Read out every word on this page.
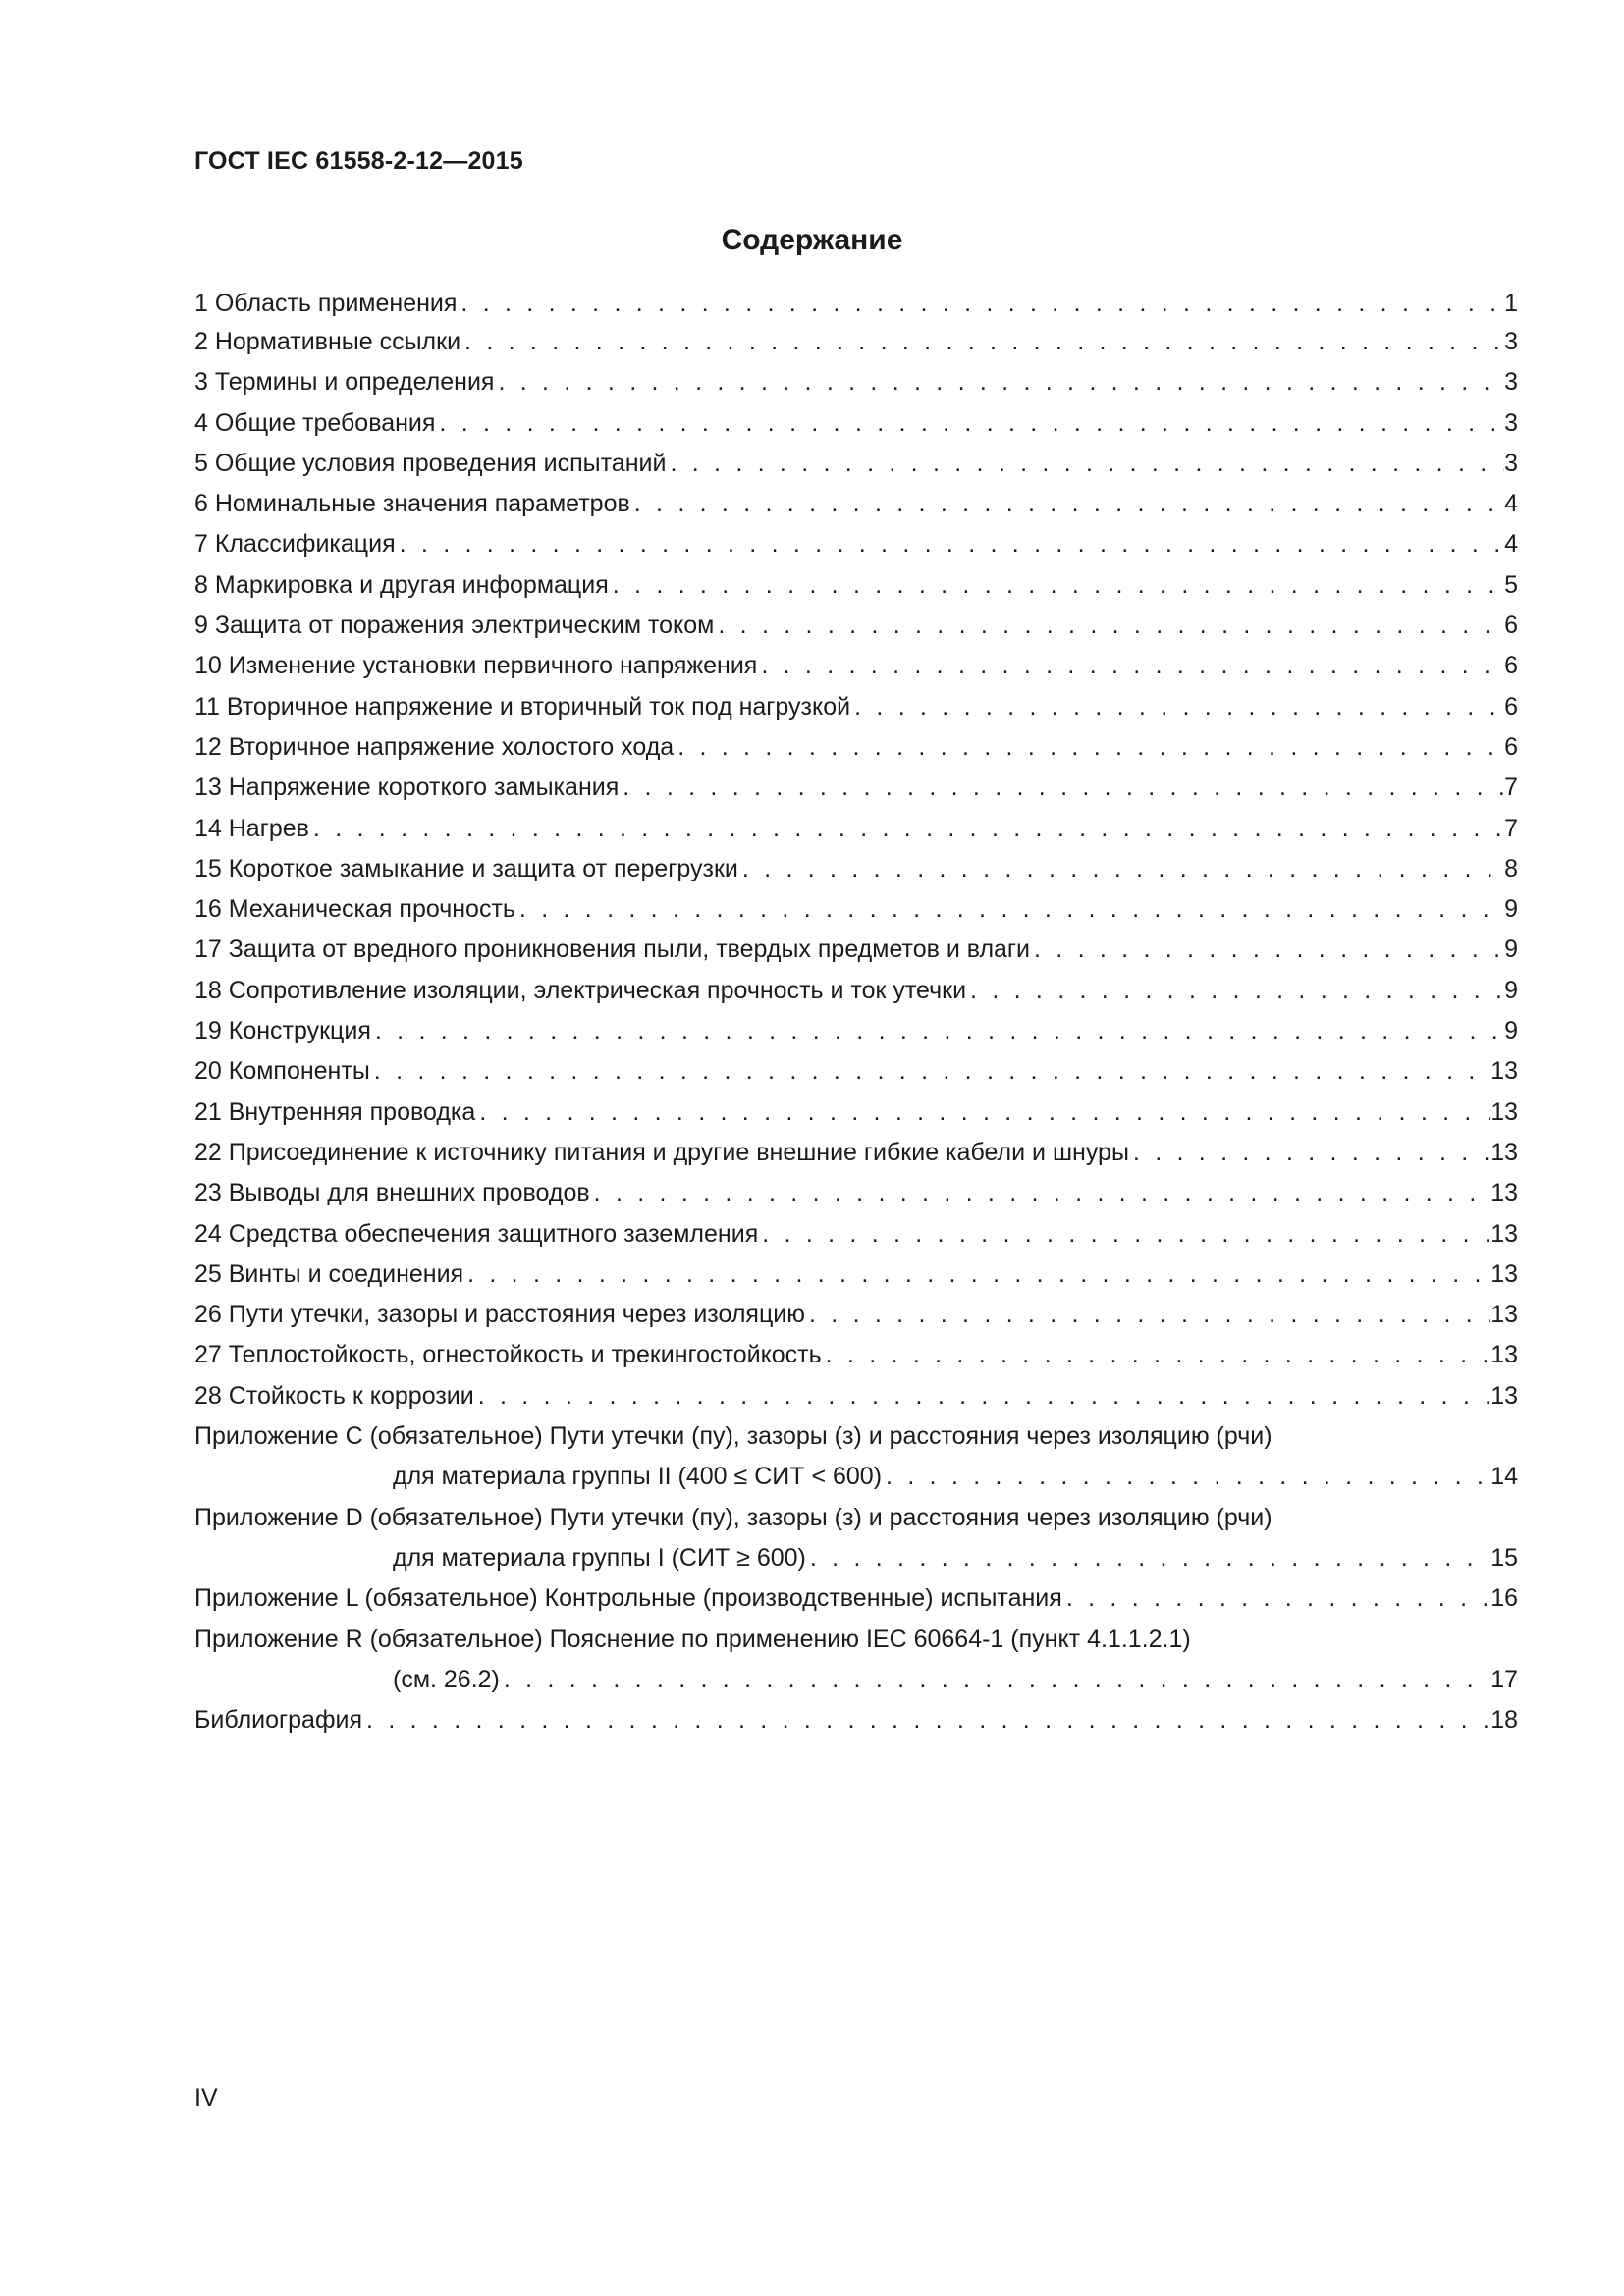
ГОСТ IEC 61558-2-12—2015
Содержание
1 Область применения . . .	1
2 Нормативные ссылки . . .	3
3 Термины и определения . . .	3
4 Общие требования . . .	3
5 Общие условия проведения испытаний . . .	3
6 Номинальные значения параметров . . .	4
7 Классификация . . .	4
8 Маркировка и другая информация . . .	5
9 Защита от поражения электрическим током . . .	6
10 Изменение установки первичного напряжения . . .	6
11 Вторичное напряжение и вторичный ток под нагрузкой . . .	6
12 Вторичное напряжение холостого хода . . .	6
13 Напряжение короткого замыкания . . .	7
14 Нагрев . . .	7
15 Короткое замыкание и защита от перегрузки . . .	8
16 Механическая прочность . . .	9
17 Защита от вредного проникновения пыли, твердых предметов и влаги . . .	9
18 Сопротивление изоляции, электрическая прочность и ток утечки . . .	9
19 Конструкция . . .	9
20 Компоненты . . .	13
21 Внутренняя проводка . . .	13
22 Присоединение к источнику питания и другие внешние гибкие кабели и шнуры . . .	13
23 Выводы для внешних проводов . . .	13
24 Средства обеспечения защитного заземления . . .	13
25 Винты и соединения . . .	13
26 Пути утечки, зазоры и расстояния через изоляцию . . .	13
27 Теплостойкость, огнестойкость и трекингостойкость . . .	13
28 Стойкость к коррозии . . .	13
Приложение С (обязательное) Пути утечки (пу), зазоры (з) и расстояния через изоляцию (рчи)
для материала группы II (400 ≤ СИТ < 600) . . .	14
Приложение D (обязательное) Пути утечки (пу), зазоры (з) и расстояния через изоляцию (рчи)
для материала группы I (СИТ ≥ 600) . . .	15
Приложение L (обязательное) Контрольные (производственные) испытания . . .	16
Приложение R (обязательное) Пояснение по применению IEC 60664-1 (пункт 4.1.1.2.1)
(см. 26.2) . . .	17
Библиография . . .	18
IV
